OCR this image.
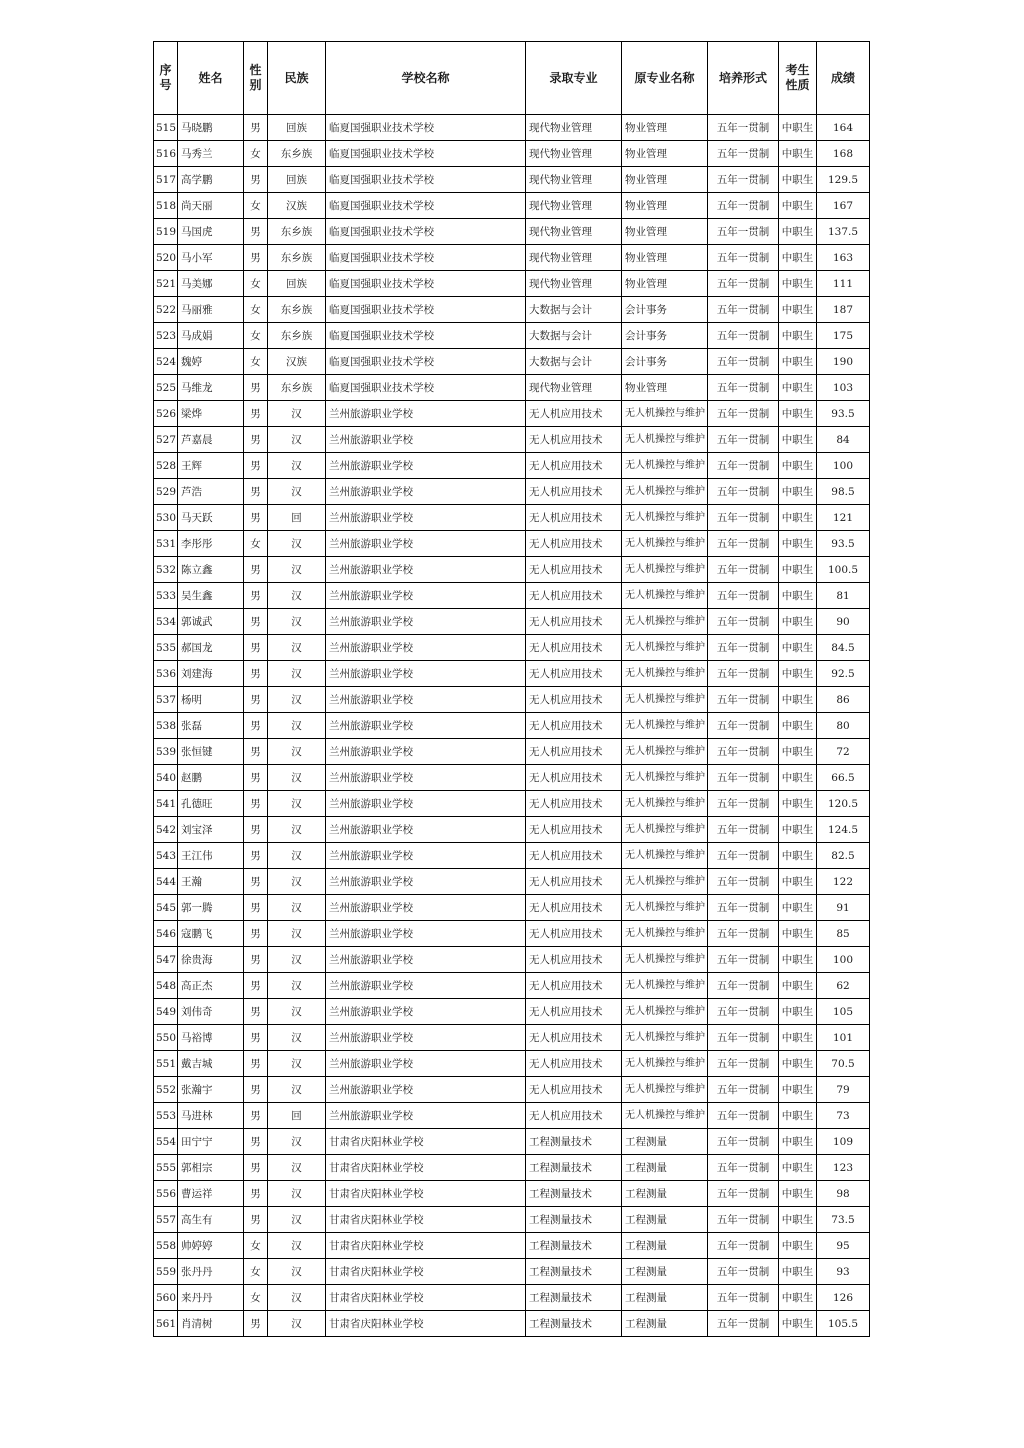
序号	姓名	性别	民族	学校名称	录取专业	原专业名称	培养形式	考生性质	成绩
515	马晓鹏	男	回族	临夏国强职业技术学校	现代物业管理	物业管理	五年一贯制	中职生	164
516	马秀兰	女	东乡族	临夏国强职业技术学校	现代物业管理	物业管理	五年一贯制	中职生	168
517	高学鹏	男	回族	临夏国强职业技术学校	现代物业管理	物业管理	五年一贯制	中职生	129.5
518	尚天丽	女	汉族	临夏国强职业技术学校	现代物业管理	物业管理	五年一贯制	中职生	167
519	马国虎	男	东乡族	临夏国强职业技术学校	现代物业管理	物业管理	五年一贯制	中职生	137.5
520	马小军	男	东乡族	临夏国强职业技术学校	现代物业管理	物业管理	五年一贯制	中职生	163
521	马美娜	女	回族	临夏国强职业技术学校	现代物业管理	物业管理	五年一贯制	中职生	111
522	马丽雅	女	东乡族	临夏国强职业技术学校	大数据与会计	会计事务	五年一贯制	中职生	187
523	马成娟	女	东乡族	临夏国强职业技术学校	大数据与会计	会计事务	五年一贯制	中职生	175
524	魏婷	女	汉族	临夏国强职业技术学校	大数据与会计	会计事务	五年一贯制	中职生	190
525	马维龙	男	东乡族	临夏国强职业技术学校	现代物业管理	物业管理	五年一贯制	中职生	103
526	梁烨	男	汉	兰州旅游职业学校	无人机应用技术	无人机操控与维护	五年一贯制	中职生	93.5
527	芦嘉晨	男	汉	兰州旅游职业学校	无人机应用技术	无人机操控与维护	五年一贯制	中职生	84
528	王辉	男	汉	兰州旅游职业学校	无人机应用技术	无人机操控与维护	五年一贯制	中职生	100
529	芦浩	男	汉	兰州旅游职业学校	无人机应用技术	无人机操控与维护	五年一贯制	中职生	98.5
530	马天跃	男	回	兰州旅游职业学校	无人机应用技术	无人机操控与维护	五年一贯制	中职生	121
531	李彤彤	女	汉	兰州旅游职业学校	无人机应用技术	无人机操控与维护	五年一贯制	中职生	93.5
532	陈立鑫	男	汉	兰州旅游职业学校	无人机应用技术	无人机操控与维护	五年一贯制	中职生	100.5
533	吴生鑫	男	汉	兰州旅游职业学校	无人机应用技术	无人机操控与维护	五年一贯制	中职生	81
534	郭诚武	男	汉	兰州旅游职业学校	无人机应用技术	无人机操控与维护	五年一贯制	中职生	90
535	郝国龙	男	汉	兰州旅游职业学校	无人机应用技术	无人机操控与维护	五年一贯制	中职生	84.5
536	刘建海	男	汉	兰州旅游职业学校	无人机应用技术	无人机操控与维护	五年一贯制	中职生	92.5
537	杨明	男	汉	兰州旅游职业学校	无人机应用技术	无人机操控与维护	五年一贯制	中职生	86
538	张磊	男	汉	兰州旅游职业学校	无人机应用技术	无人机操控与维护	五年一贯制	中职生	80
539	张恒键	男	汉	兰州旅游职业学校	无人机应用技术	无人机操控与维护	五年一贯制	中职生	72
540	赵鹏	男	汉	兰州旅游职业学校	无人机应用技术	无人机操控与维护	五年一贯制	中职生	66.5
541	孔德旺	男	汉	兰州旅游职业学校	无人机应用技术	无人机操控与维护	五年一贯制	中职生	120.5
542	刘宝泽	男	汉	兰州旅游职业学校	无人机应用技术	无人机操控与维护	五年一贯制	中职生	124.5
543	王江伟	男	汉	兰州旅游职业学校	无人机应用技术	无人机操控与维护	五年一贯制	中职生	82.5
544	王瀚	男	汉	兰州旅游职业学校	无人机应用技术	无人机操控与维护	五年一贯制	中职生	122
545	郭一腾	男	汉	兰州旅游职业学校	无人机应用技术	无人机操控与维护	五年一贯制	中职生	91
546	寇鹏飞	男	汉	兰州旅游职业学校	无人机应用技术	无人机操控与维护	五年一贯制	中职生	85
547	徐贵海	男	汉	兰州旅游职业学校	无人机应用技术	无人机操控与维护	五年一贯制	中职生	100
548	高正杰	男	汉	兰州旅游职业学校	无人机应用技术	无人机操控与维护	五年一贯制	中职生	62
549	刘伟奇	男	汉	兰州旅游职业学校	无人机应用技术	无人机操控与维护	五年一贯制	中职生	105
550	马裕博	男	汉	兰州旅游职业学校	无人机应用技术	无人机操控与维护	五年一贯制	中职生	101
551	戴吉城	男	汉	兰州旅游职业学校	无人机应用技术	无人机操控与维护	五年一贯制	中职生	70.5
552	张瀚宇	男	汉	兰州旅游职业学校	无人机应用技术	无人机操控与维护	五年一贯制	中职生	79
553	马进林	男	回	兰州旅游职业学校	无人机应用技术	无人机操控与维护	五年一贯制	中职生	73
554	田宁宁	男	汉	甘肃省庆阳林业学校	工程测量技术	工程测量	五年一贯制	中职生	109
555	郭相宗	男	汉	甘肃省庆阳林业学校	工程测量技术	工程测量	五年一贯制	中职生	123
556	曹运祥	男	汉	甘肃省庆阳林业学校	工程测量技术	工程测量	五年一贯制	中职生	98
557	高生有	男	汉	甘肃省庆阳林业学校	工程测量技术	工程测量	五年一贯制	中职生	73.5
558	帅婷婷	女	汉	甘肃省庆阳林业学校	工程测量技术	工程测量	五年一贯制	中职生	95
559	张丹丹	女	汉	甘肃省庆阳林业学校	工程测量技术	工程测量	五年一贯制	中职生	93
560	来丹丹	女	汉	甘肃省庆阳林业学校	工程测量技术	工程测量	五年一贯制	中职生	126
561	肖清树	男	汉	甘肃省庆阳林业学校	工程测量技术	工程测量	五年一贯制	中职生	105.5
